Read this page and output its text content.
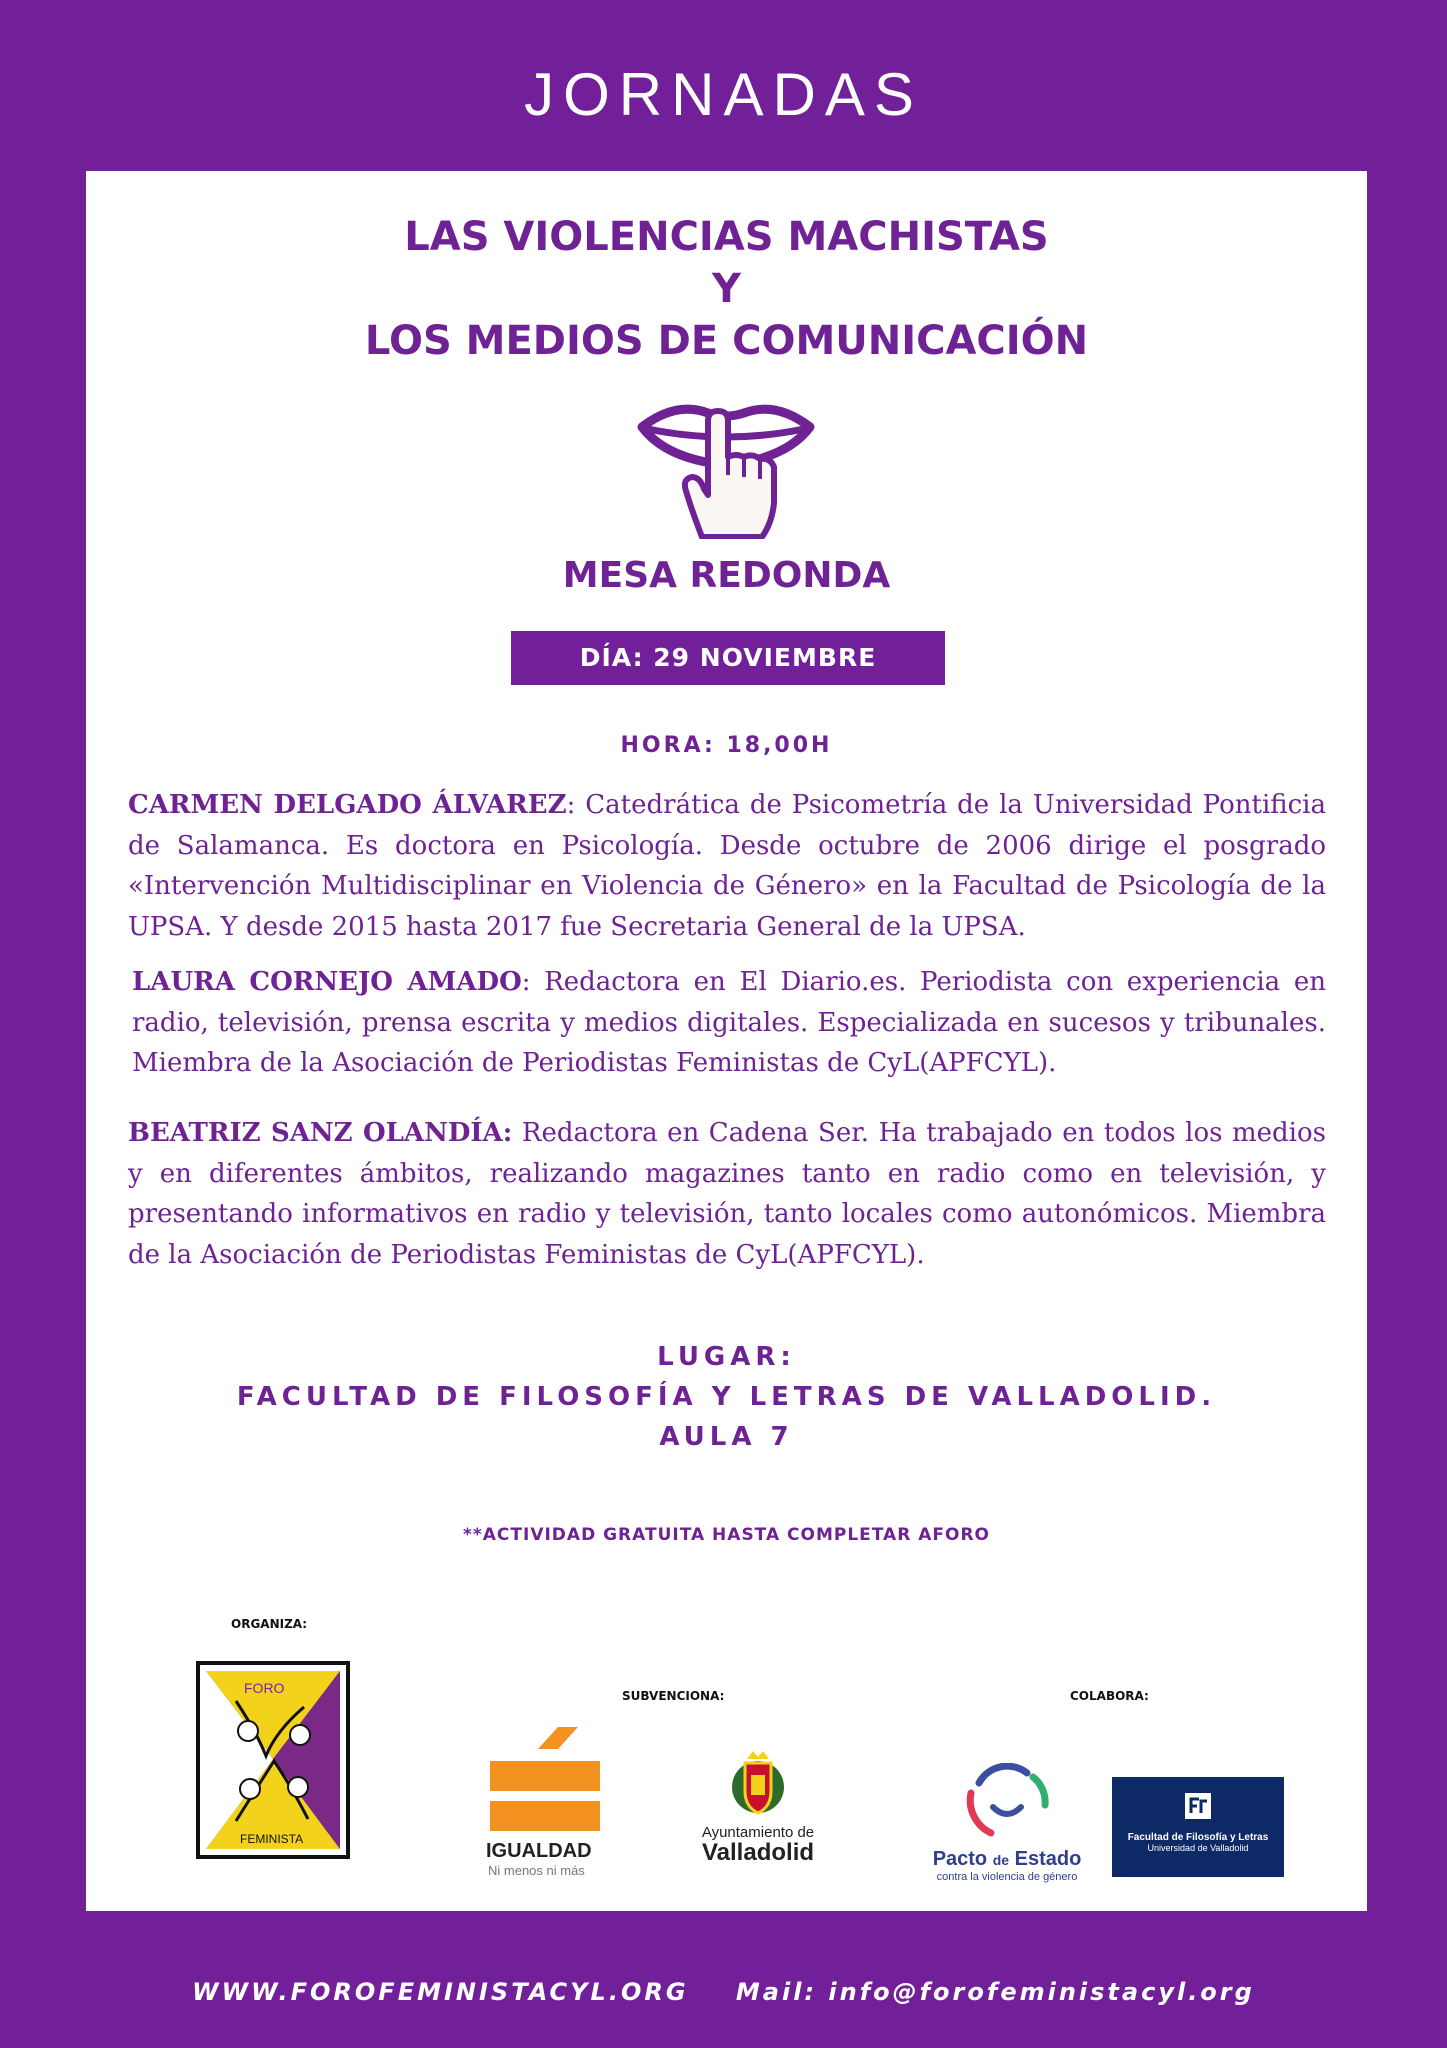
JORNADAS
LAS VIOLENCIAS MACHISTAS
Y
LOS MEDIOS DE COMUNICACIÓN
MESA REDONDA
DÍA: 29 NOVIEMBRE
HORA: 18,00H
CARMEN DELGADO ÁLVAREZ: Catedrática de Psicometría de la Universidad Pontificia de Salamanca. Es doctora en Psicología. Desde octubre de 2006 dirige el posgrado «Intervención Multidisciplinar en Violencia de Género» en la Facultad de Psicología de la UPSA. Y desde 2015 hasta 2017 fue Secretaria General de la UPSA.
LAURA CORNEJO AMADO: Redactora en El Diario.es. Periodista con experiencia en radio, televisión, prensa escrita y medios digitales. Especializada en sucesos y tribunales. Miembra de la Asociación de Periodistas Feministas de CyL(APFCYL).
BEATRIZ SANZ OLANDÍA: Redactora en Cadena Ser. Ha trabajado en todos los medios y en diferentes ámbitos, realizando magazines tanto en radio como en televisión, y presentando informativos en radio y televisión, tanto locales como autonómicos. Miembra de la Asociación de Periodistas Feministas de CyL(APFCYL).
LUGAR:
FACULTAD DE FILOSOFÍA Y LETRAS DE VALLADOLID.
AULA 7
**ACTIVIDAD GRATUITA HASTA COMPLETAR AFORO
ORGANIZA:
SUBVENCIONA:	COLABORA:
FORO
FEMINISTA
IGUALDAD
Ni menos ni más
Ayuntamiento de
Valladolid	Pacto de Estado
contra la violencia de género
Facultad de Filosofía y Letras
Universidad de Valladolid
WWW.FOROFEMINISTACYL.ORG Mail: info@forofeministacyl.org
